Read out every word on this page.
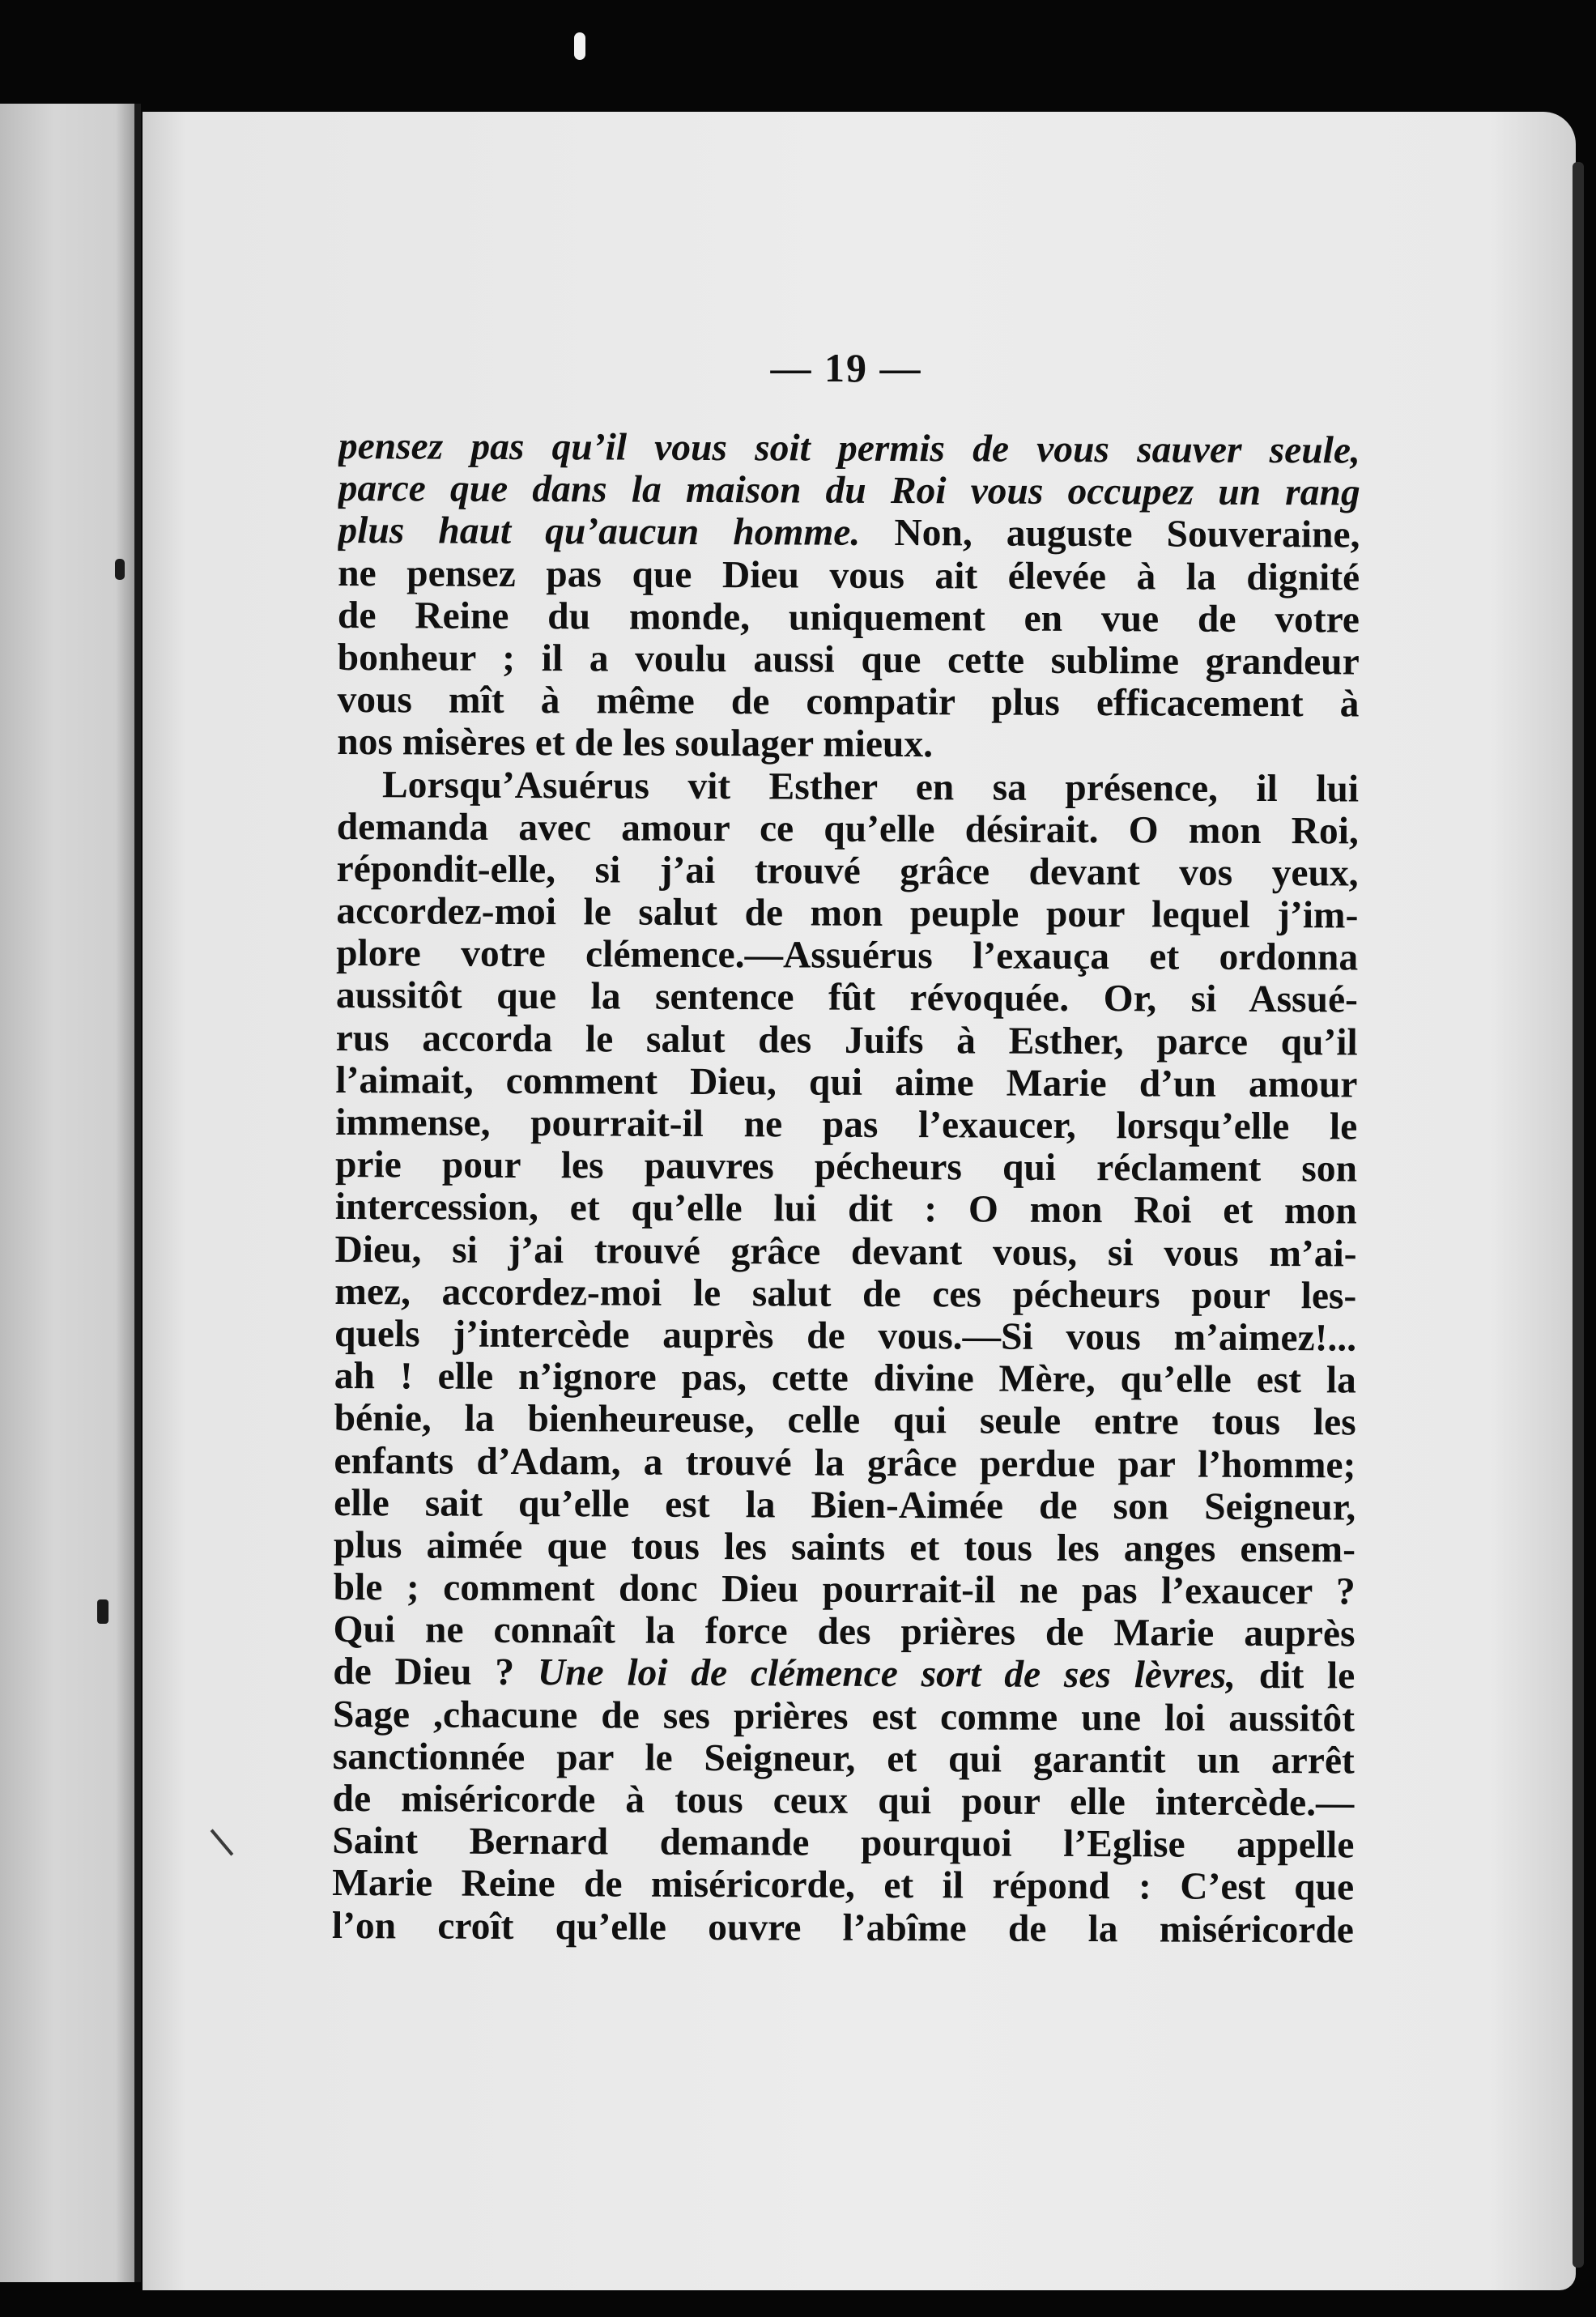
— 19 —
pensez pas qu’il vous soit permis de vous sauver seule,
parce que dans la maison du Roi vous occupez un rang
plus haut qu’aucun homme. Non, auguste Souveraine,
ne pensez pas que Dieu vous ait élevée à la dignité
de Reine du monde, uniquement en vue de votre
bonheur ; il a voulu aussi que cette sublime grandeur
vous mît à même de compatir plus efficacement à
nos misères et de les soulager mieux.
Lorsqu’Asuérus vit Esther en sa présence, il lui
demanda avec amour ce qu’elle désirait. O mon Roi,
répondit-elle, si j’ai trouvé grâce devant vos yeux,
accordez-moi le salut de mon peuple pour lequel j’im-
plore votre clémence.—Assuérus l’exauça et ordonna
aussitôt que la sentence fût révoquée. Or, si Assué-
rus accorda le salut des Juifs à Esther, parce qu’il
l’aimait, comment Dieu, qui aime Marie d’un amour
immense, pourrait-il ne pas l’exaucer, lorsqu’elle le
prie pour les pauvres pécheurs qui réclament son
intercession, et qu’elle lui dit : O mon Roi et mon
Dieu, si j’ai trouvé grâce devant vous, si vous m’ai-
mez, accordez-moi le salut de ces pécheurs pour les-
quels j’intercède auprès de vous.—Si vous m’aimez!...
ah ! elle n’ignore pas, cette divine Mère, qu’elle est la
bénie, la bienheureuse, celle qui seule entre tous les
enfants d’Adam, a trouvé la grâce perdue par l’homme;
elle sait qu’elle est la Bien-Aimée de son Seigneur,
plus aimée que tous les saints et tous les anges ensem-
ble ; comment donc Dieu pourrait-il ne pas l’exaucer ?
Qui ne connaît la force des prières de Marie auprès
de Dieu ? Une loi de clémence sort de ses lèvres, dit le
Sage ,chacune de ses prières est comme une loi aussitôt
sanctionnée par le Seigneur, et qui garantit un arrêt
de miséricorde à tous ceux qui pour elle intercède.—
Saint Bernard demande pourquoi l’Eglise appelle
Marie Reine de miséricorde, et il répond : C’est que
l’on croît qu’elle ouvre l’abîme de la miséricorde
